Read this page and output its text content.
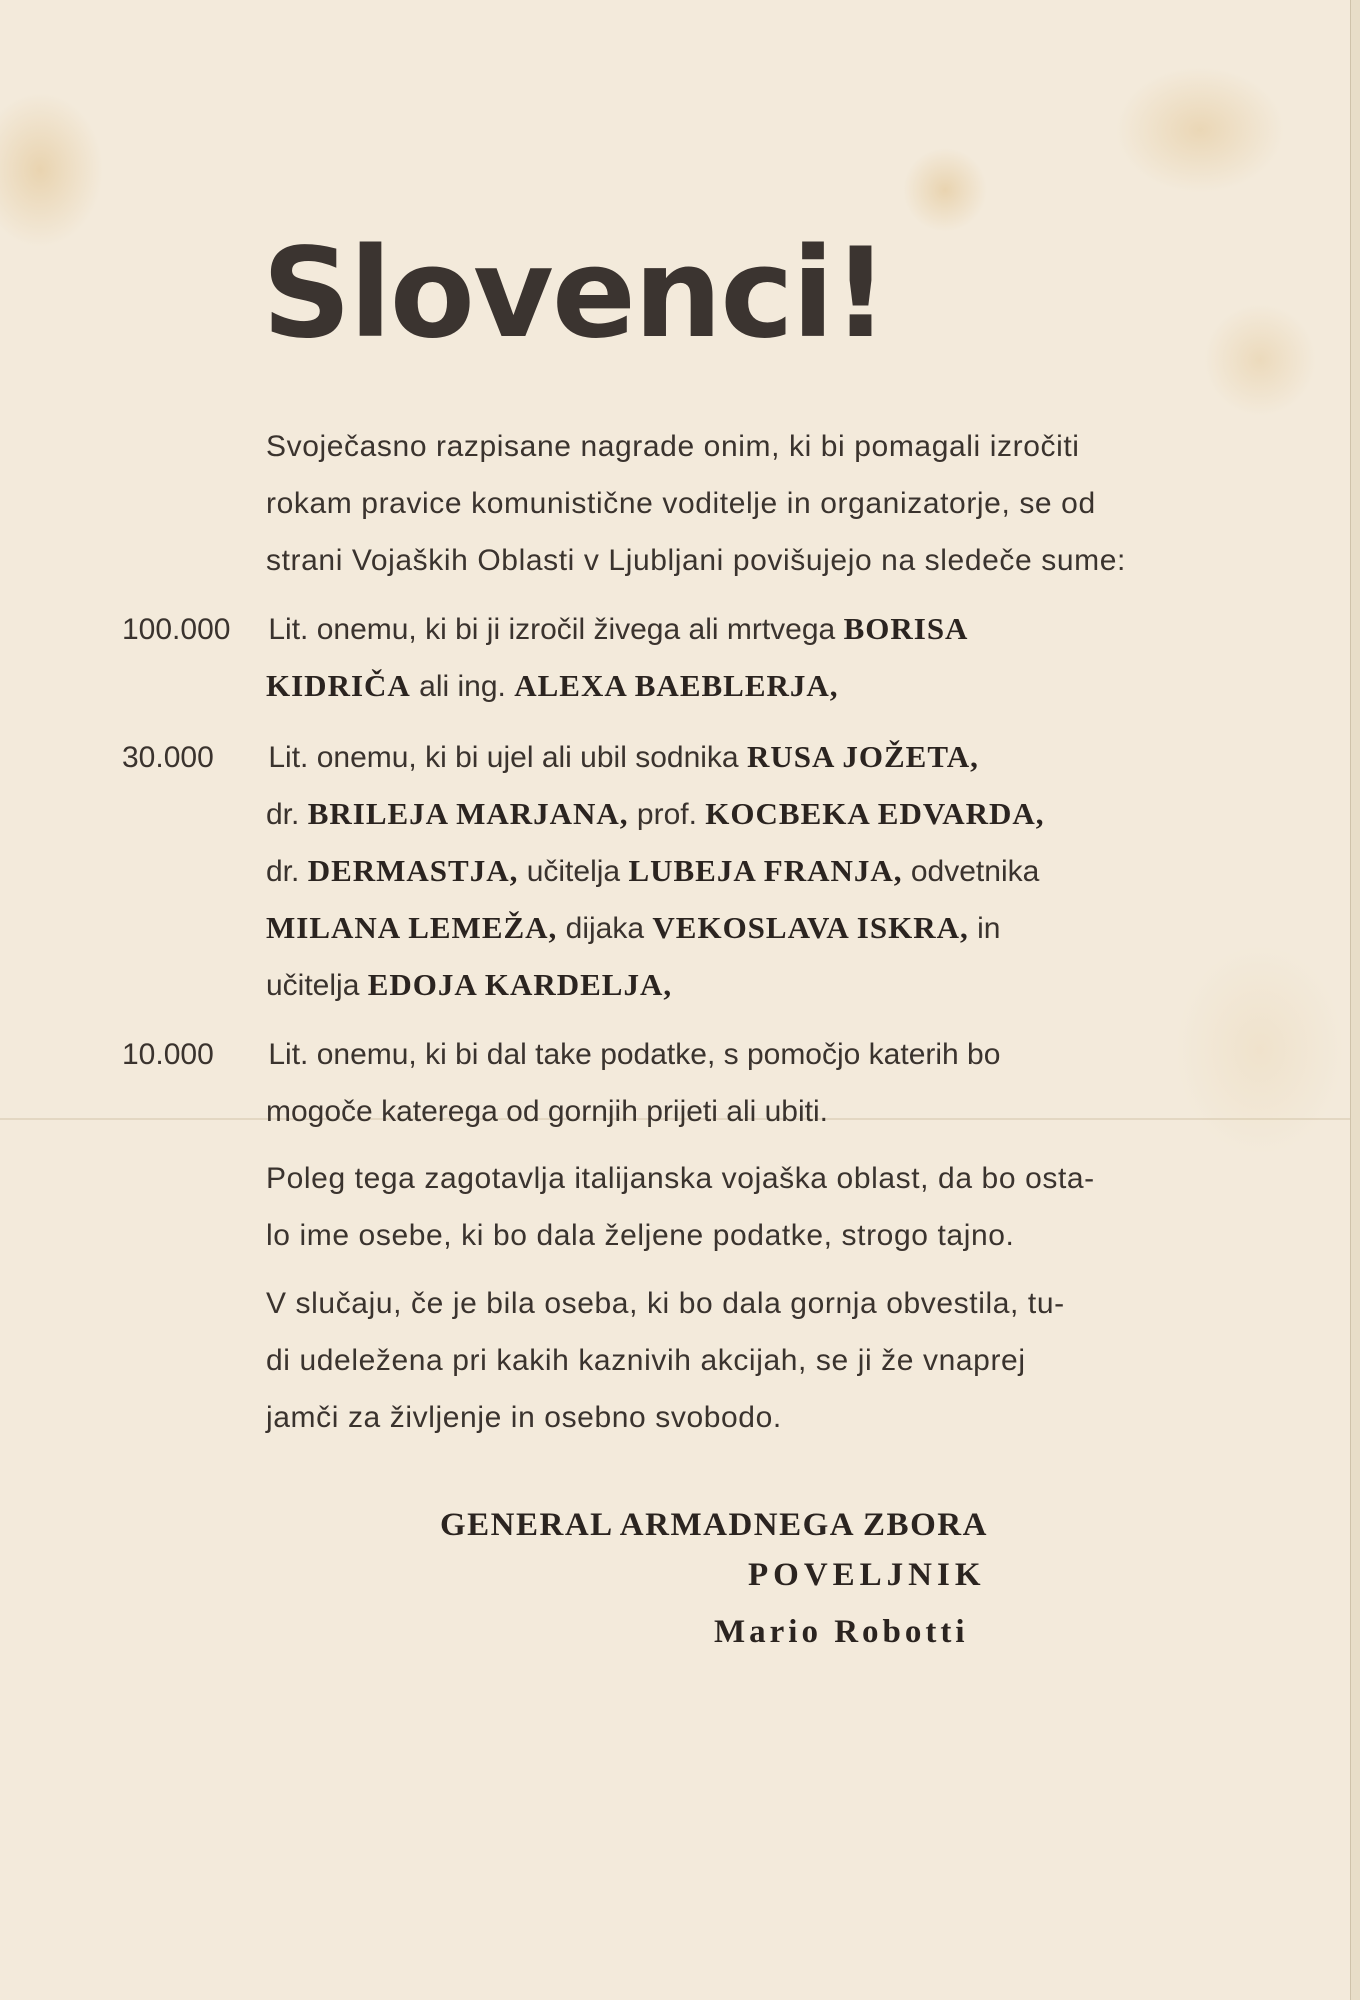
Slovenci!
Svoječasno razpisane nagrade onim, ki bi pomagali izročiti
rokam pravice komunistične voditelje in organizatorje, se od
strani Vojaških Oblasti v Ljubljani povišujejo na sledeče sume:
100.000 Lit. onemu, ki bi ji izročil živega ali mrtvega BORISA
KIDRIČA ali ing. ALEXA BAEBLERJA,
30.000 Lit. onemu, ki bi ujel ali ubil sodnika RUSA JOŽETA,
dr. BRILEJA MARJANA, prof. KOCBEKA EDVARDA,
dr. DERMASTJA, učitelja LUBEJA FRANJA, odvetnika
MILANA LEMEŽA, dijaka VEKOSLAVA ISKRA, in
učitelja EDOJA KARDELJA,
10.000 Lit. onemu, ki bi dal take podatke, s pomočjo katerih bo
mogoče katerega od gornjih prijeti ali ubiti.
Poleg tega zagotavlja italijanska vojaška oblast, da bo osta-
lo ime osebe, ki bo dala željene podatke, strogo tajno.
V slučaju, če je bila oseba, ki bo dala gornja obvestila, tu-
di udeležena pri kakih kaznivih akcijah, se ji že vnaprej
jamči za življenje in osebno svobodo.
GENERAL ARMADNEGA ZBORA
POVELJNIK
Mario Robotti
